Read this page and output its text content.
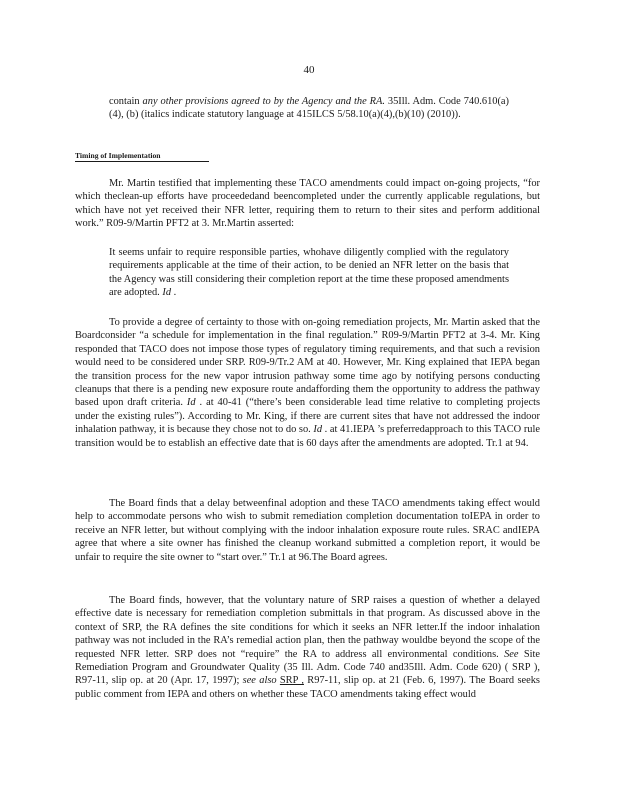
40
contain any other provisions agreed to by the Agency and the RA. 35Ill. Adm. Code 740.610(a)(4), (b) (italics indicate statutory language at 415ILCS 5/58.10(a)(4),(b)(10) (2010)).
Timing of Implementation
Mr. Martin testified that implementing these TACO amendments could impact on-going projects, “for which theclean-up efforts have proceededand beencompleted under the currently applicable regulations, but which have not yet received their NFR letter, requiring them to return to their sites and perform additional work.” R09-9/Martin PFT2 at 3. Mr.Martin asserted:
It seems unfair to require responsible parties, whohave diligently complied with the regulatory requirements applicable at the time of their action, to be denied an NFR letter on the basis that the Agency was still considering their completion report at the time these proposed amendments are adopted. Id .
To provide a degree of certainty to those with on-going remediation projects, Mr. Martin asked that the Boardconsider “a schedule for implementation in the final regulation.” R09-9/Martin PFT2 at 3-4. Mr. King responded that TACO does not impose those types of regulatory timing requirements, and that such a revision would need to be considered under SRP. R09-9/Tr.2 AM at 40. However, Mr. King explained that IEPA began the transition process for the new vapor intrusion pathway some time ago by notifying persons conducting cleanups that there is a pending new exposure route andaffording them the opportunity to address the pathway based upon draft criteria. Id . at 40-41 (“there’s been considerable lead time relative to completing projects under the existing rules”). According to Mr. King, if there are current sites that have not addressed the indoor inhalation pathway, it is because they chose not to do so. Id . at 41.IEPA ’s preferredapproach to this TACO rule transition would be to establish an effective date that is 60 days after the amendments are adopted. Tr.1 at 94.
The Board finds that a delay betweenfinal adoption and these TACO amendments taking effect would help to accommodate persons who wish to submit remediation completion documentation toIEPA in order to receive an NFR letter, but without complying with the indoor inhalation exposure route rules. SRAC andIEPA agree that where a site owner has finished the cleanup workand submitted a completion report, it would be unfair to require the site owner to “start over.” Tr.1 at 96.The Board agrees.
The Board finds, however, that the voluntary nature of SRP raises a question of whether a delayed effective date is necessary for remediation completion submittals in that program. As discussed above in the context of SRP, the RA defines the site conditions for which it seeks an NFR letter.If the indoor inhalation pathway was not included in the RA’s remedial action plan, then the pathway wouldbe beyond the scope of the requested NFR letter. SRP does not “require” the RA to address all environmental conditions. See Site Remediation Program and Groundwater Quality (35 Ill. Adm. Code 740 and35Ill. Adm. Code 620) ( SRP ), R97-11, slip op. at 20 (Apr. 17, 1997); see also SRP , R97-11, slip op. at 21 (Feb. 6, 1997). The Board seeks public comment from IEPA and others on whether these TACO amendments taking effect would
